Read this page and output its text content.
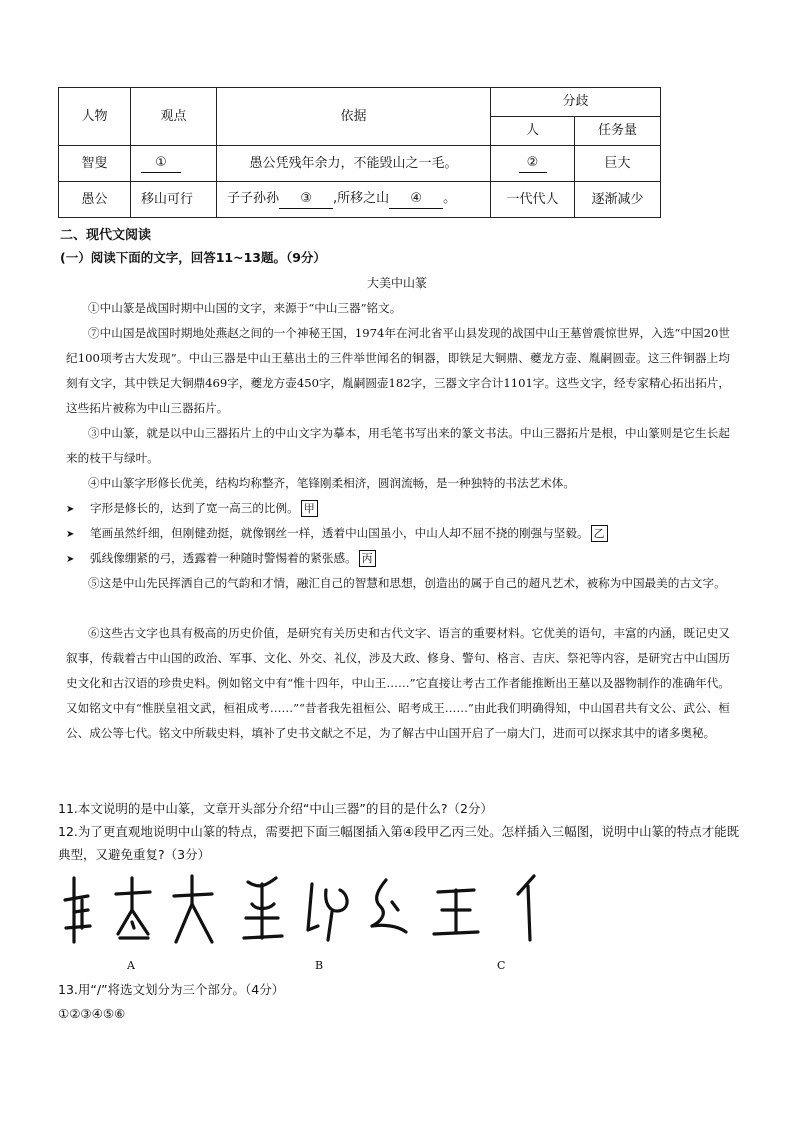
人物	观点	依据	分歧	
			人	任务量
智叟	①	愚公凭残年余力，不能毁山之一毛。	②	巨大
愚公	移山可行	子子孙孙 ③ ,所移之山 ④ 。	一代代人	逐渐减少
二、现代文阅读
(一）阅读下面的文字，回答11~13题。（9分）
大美中山篆

①中山篆是战国时期中山国的文字，来源于“中山三器”铭文。

⑦中山国是战国时期地处燕赵之间的一个神秘王国，1974年在河北省平山县发现的战国中山王墓曾震惊世界，入选“中国20世纪100项考古大发现”。中山三器是中山王墓出土的三件举世闻名的铜器，即铁足大铜鼎、夔龙方壶、胤嗣圆壶。这三件铜器上均刻有文字，其中铁足大铜鼎469字，夔龙方壶450字，胤嗣圆壶182字，三器文字合计1101字。这些文字，经专家精心拓出拓片，这些拓片被称为中山三器拓片。

③中山篆，就是以中山三器拓片上的中山文字为摹本，用毛笔书写出来的篆文书法。中山三器拓片是根，中山篆则是它生长起来的枝干与绿叶。

④中山篆字形修长优美，结构均称整齐，笔锋刚柔相济，圆润流畅，是一种独特的书法艺术体。

➤ 字形是修长的，达到了宽一高三的比例。 甲
➤ 笔画虽然纤细，但刚健劲挺，就像钢丝一样，透着中山国虽小，中山人却不屈不挠的刚强与坚毅。 乙
➤ 弧线像绷紧的弓，透露着一种随时警惕着的紧张感。 丙

⑤这是中山先民挥洒自己的气韵和才情，融汇自己的智慧和思想，创造出的属于自己的超凡艺术，被称为中国最美的古文字。

⑥这些古文字也具有极高的历史价值，是研究有关历史和古代文字、语言的重要材料。它优美的语句，丰富的内涵，既记史又叙事，传载着古中山国的政治、军事、文化、外交、礼仪，涉及大政、修身、警句、格言、吉庆、祭祀等内容，是研究古中山国历史文化和古汉语的珍贵史料。例如铭文中有“惟十四年，中山王……”它直接让考古工作者能推断出王墓以及器物制作的准确年代。又如铭文中有“惟朕皇祖文武，桓祖成考……”“昔者我先祖桓公、昭考成王……”由此我们明确得知，中山国君共有文公、武公、桓公、成公等七代。铭文中所载史料，填补了史书文献之不足，为了解古中山国开启了一扇大门，进而可以探求其中的诸多奥秘。

11.本文说明的是中山篆，文章开头部分介绍“中山三器”的目的是什么?（2分）
12.为了更直观地说明中山篆的特点，需要把下面三幅图插入第④段甲乙丙三处。怎样插入三幅图，说明中山篆的特点才能既典型，又避免重复?（3分）
A	B	C
13.用“/”将选文划分为三个部分。（4分）
①②③④⑤⑥
